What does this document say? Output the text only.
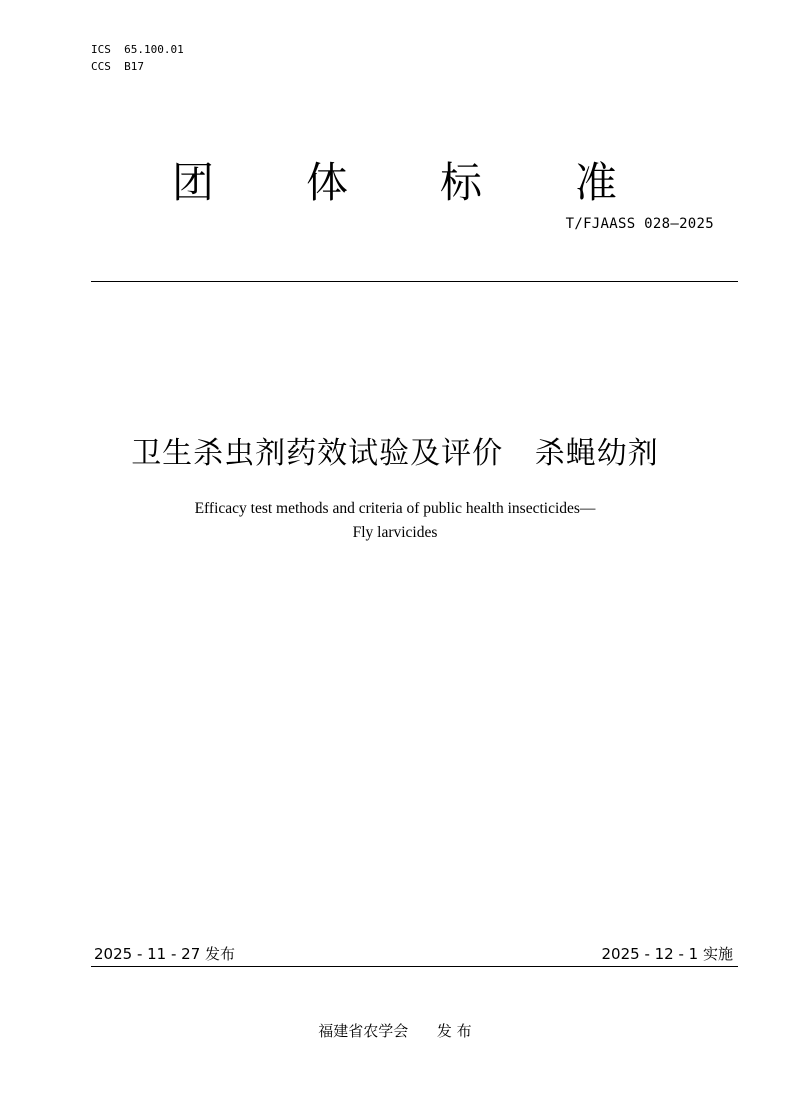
ICS  65.100.01
CCS  B17
团 体 标 准
T/FJAASS 028—2025
卫生杀虫剂药效试验及评价   杀蝇幼剂
Efficacy test methods and criteria of public health insecticides—
Fly larvicides
2025 - 11 - 27 发布	2025 - 12 - 1 实施
福建省农学会      发 布
